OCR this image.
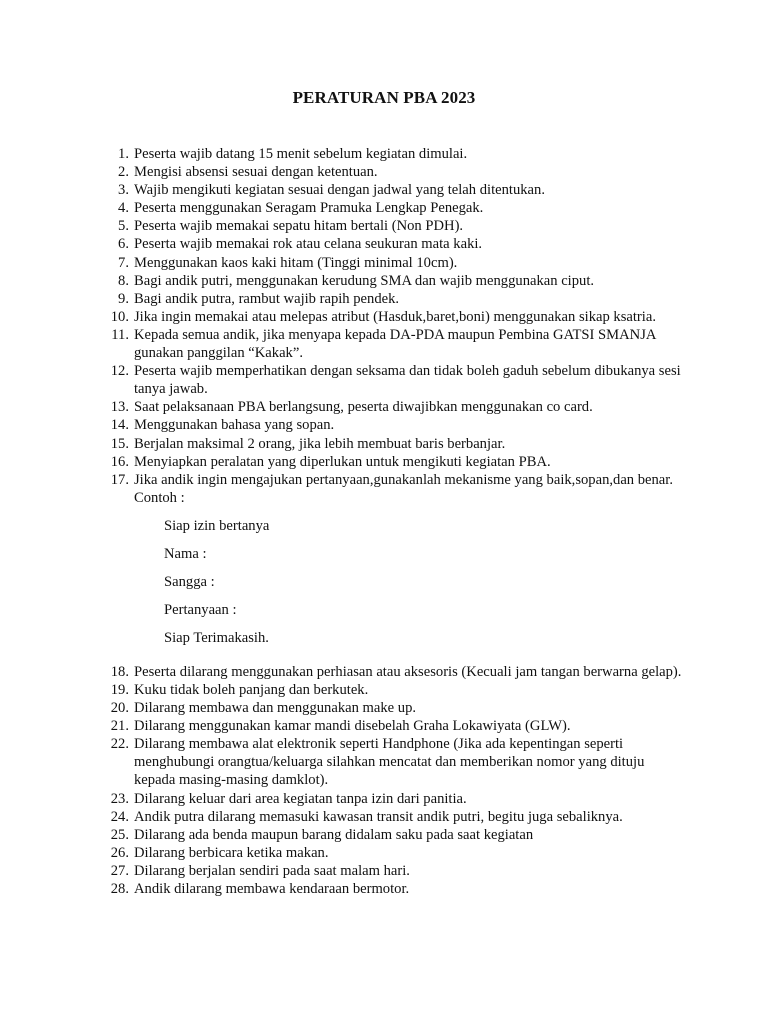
PERATURAN PBA 2023
1. Peserta wajib datang 15 menit sebelum kegiatan dimulai.
2. Mengisi absensi sesuai dengan ketentuan.
3. Wajib mengikuti kegiatan sesuai dengan jadwal yang telah ditentukan.
4. Peserta menggunakan Seragam Pramuka Lengkap Penegak.
5. Peserta wajib memakai sepatu hitam bertali (Non PDH).
6. Peserta wajib memakai rok atau celana seukuran mata kaki.
7. Menggunakan kaos kaki hitam (Tinggi minimal 10cm).
8. Bagi andik putri, menggunakan kerudung SMA dan wajib menggunakan ciput.
9. Bagi andik putra, rambut wajib rapih pendek.
10. Jika ingin memakai atau melepas atribut (Hasduk,baret,boni) menggunakan sikap ksatria.
11. Kepada semua andik, jika menyapa kepada DA-PDA maupun Pembina GATSI SMANJA gunakan panggilan “Kakak”.
12. Peserta wajib memperhatikan dengan seksama dan tidak boleh gaduh sebelum dibukanya sesi tanya jawab.
13. Saat pelaksanaan PBA berlangsung, peserta diwajibkan menggunakan co card.
14. Menggunakan bahasa yang sopan.
15. Berjalan maksimal 2 orang, jika lebih membuat baris berbanjar.
16. Menyiapkan peralatan yang diperlukan untuk mengikuti kegiatan PBA.
17. Jika andik ingin mengajukan pertanyaan,gunakanlah mekanisme yang baik,sopan,dan benar. Contoh :
Siap izin bertanya
Nama :
Sangga :
Pertanyaan :
Siap Terimakasih.
18. Peserta dilarang menggunakan perhiasan atau aksesoris (Kecuali jam tangan berwarna gelap).
19. Kuku tidak boleh panjang dan berkutek.
20. Dilarang membawa dan menggunakan make up.
21. Dilarang menggunakan kamar mandi disebelah Graha Lokawiyata (GLW).
22. Dilarang membawa alat elektronik seperti Handphone (Jika ada kepentingan seperti menghubungi orangtua/keluarga silahkan mencatat dan memberikan nomor yang dituju kepada masing-masing damklot).
23. Dilarang keluar dari area kegiatan tanpa izin dari panitia.
24. Andik putra dilarang memasuki kawasan transit andik putri, begitu juga sebaliknya.
25. Dilarang ada benda maupun barang didalam saku pada saat kegiatan
26. Dilarang berbicara ketika makan.
27. Dilarang berjalan sendiri pada saat malam hari.
28. Andik dilarang membawa kendaraan bermotor.
